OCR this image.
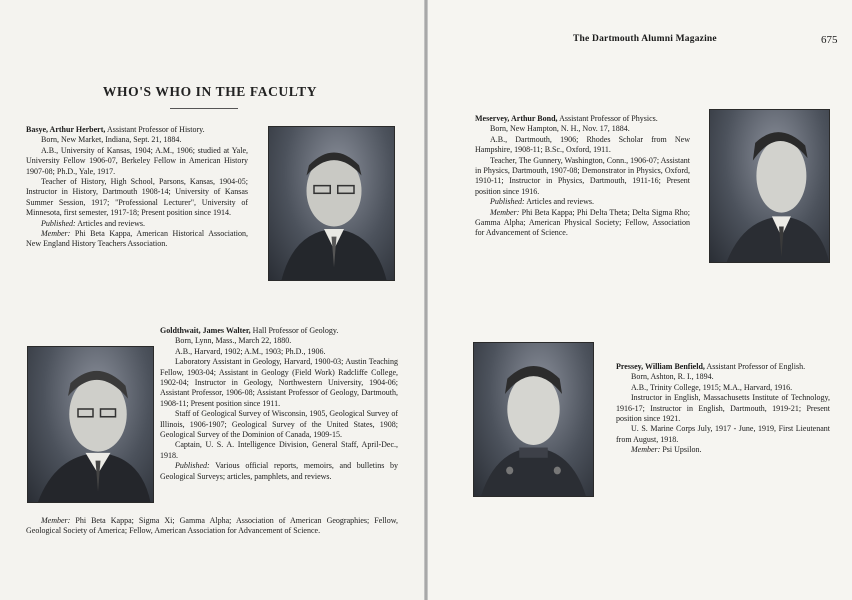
WHO'S WHO IN THE FACULTY

Basye, Arthur Herbert, Assistant Professor of History.

Born, New Market, Indiana, Sept. 21, 1884.

A.B., University of Kansas, 1904; A.M., 1906; studied at Yale, University Fellow 1906-07, Berkeley Fellow in American History 1907-08; Ph.D., Yale, 1917.

Teacher of History, High School, Parsons, Kansas, 1904-05; Instructor in History, Dartmouth 1908-14; University of Kansas Summer Session, 1917; "Professional Lecturer", University of Minnesota, first semester, 1917-18; Present position since 1914.

Published: Articles and reviews.

Member: Phi Beta Kappa, American Historical Association, New England History Teachers Association.

Goldthwait, James Walter, Hall Professor of Geology.

Born, Lynn, Mass., March 22, 1880.

A.B., Harvard, 1902; A.M., 1903; Ph.D., 1906.

Laboratory Assistant in Geology, Harvard, 1900-03; Austin Teaching Fellow, 1903-04; Assistant in Geology (Field Work) Radcliffe College, 1902-04; Instructor in Geology, Northwestern University, 1904-06; Assistant Professor, 1906-08; Assistant Professor of Geology, Dartmouth, 1908-11; Present position since 1911.

Staff of Geological Survey of Wisconsin, 1905, Geological Survey of Illinois, 1906-1907; Geological Survey of the United States, 1908; Geological Survey of the Dominion of Canada, 1909-15.

Captain, U. S. A. Intelligence Division, General Staff, April-Dec., 1918.

Published: Various official reports, memoirs, and bulletins by Geological Surveys; articles, pamphlets, and reviews.

Member: Phi Beta Kappa; Sigma Xi; Gamma Alpha; Association of American Geographies; Fellow, Geological Society of America; Fellow, American Association for Advancement of Science.

The Dartmouth Alumni Magazine	675

Meservey, Arthur Bond, Assistant Professor of Physics.

Born, New Hampton, N. H., Nov. 17, 1884.

A.B., Dartmouth, 1906; Rhodes Scholar from New Hampshire, 1908-11; B.Sc., Oxford, 1911.

Teacher, The Gunnery, Washington, Conn., 1906-07; Assistant in Physics, Dartmouth, 1907-08; Demonstrator in Physics, Oxford, 1910-11; Instructor in Physics, Dartmouth, 1911-16; Present position since 1916.

Published: Articles and reviews.

Member: Phi Beta Kappa; Phi Delta Theta; Delta Sigma Rho; Gamma Alpha; American Physical Society; Fellow, Association for Advancement of Science.

Pressey, William Benfield, Assistant Professor of English.

Born, Ashton, R. I., 1894.

A.B., Trinity College, 1915; M.A., Harvard, 1916.

Instructor in English, Massachusetts Institute of Technology, 1916-17; Instructor in English, Dartmouth, 1919-21; Present position since 1921.

U. S. Marine Corps July, 1917 - June, 1919, First Lieutenant from August, 1918.

Member: Psi Upsilon.
